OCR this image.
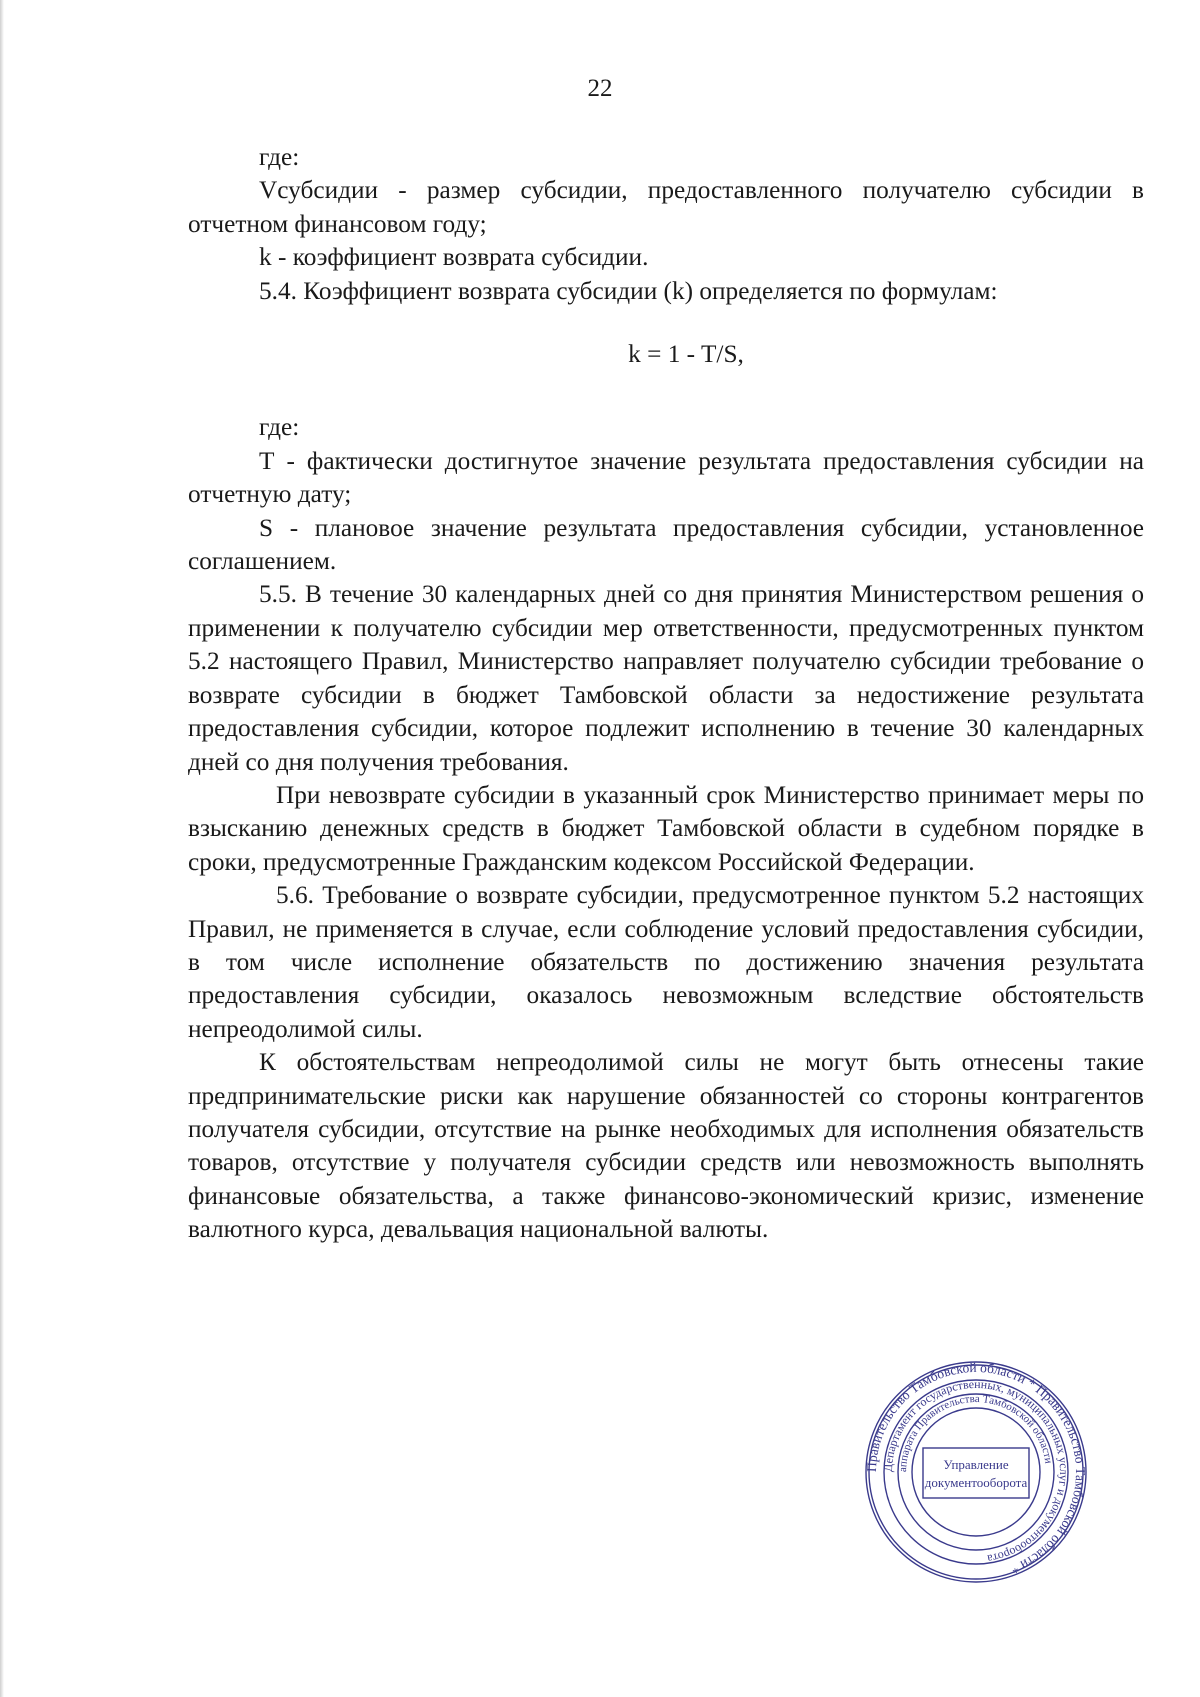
22

где:

Vсубсидии - размер субсидии, предоставленного получателю субсидии в отчетном финансовом году;

k - коэффициент возврата субсидии.

5.4. Коэффициент возврата субсидии (k) определяется по формулам:

k = 1 - T/S,

где:

Т - фактически достигнутое значение результата предоставления субсидии на отчетную дату;

S - плановое значение результата предоставления субсидии, установленное соглашением.

5.5. В течение 30 календарных дней со дня принятия Министерством решения о применении к получателю субсидии мер ответственности, предусмотренных пунктом 5.2 настоящего Правил, Министерство направляет получателю субсидии требование о возврате субсидии в бюджет Тамбовской области за недостижение результата предоставления субсидии, которое подлежит исполнению в течение 30 календарных дней со дня получения требования.

При невозврате субсидии в указанный срок Министерство принимает меры по взысканию денежных средств в бюджет Тамбовской области в судебном порядке в сроки, предусмотренные Гражданским кодексом Российской Федерации.

5.6. Требование о возврате субсидии, предусмотренное пунктом 5.2 настоящих Правил, не применяется в случае, если соблюдение условий предоставления субсидии, в том числе исполнение обязательств по достижению значения результата предоставления субсидии, оказалось невозможным вследствие обстоятельств непреодолимой силы.

К обстоятельствам непреодолимой силы не могут быть отнесены такие предпринимательские риски как нарушение обязанностей со стороны контрагентов получателя субсидии, отсутствие на рынке необходимых для исполнения обязательств товаров, отсутствие у получателя субсидии средств или невозможность выполнять финансовые обязательства, а также финансово-экономический кризис, изменение валютного курса, девальвация национальной валюты.

Правительство Тамбовской области * Правительство Тамбовской области *
Департамент государственных, муниципальных услуг и документооборота
аппарата Правительства Тамбовской области
Управление
документооборота
